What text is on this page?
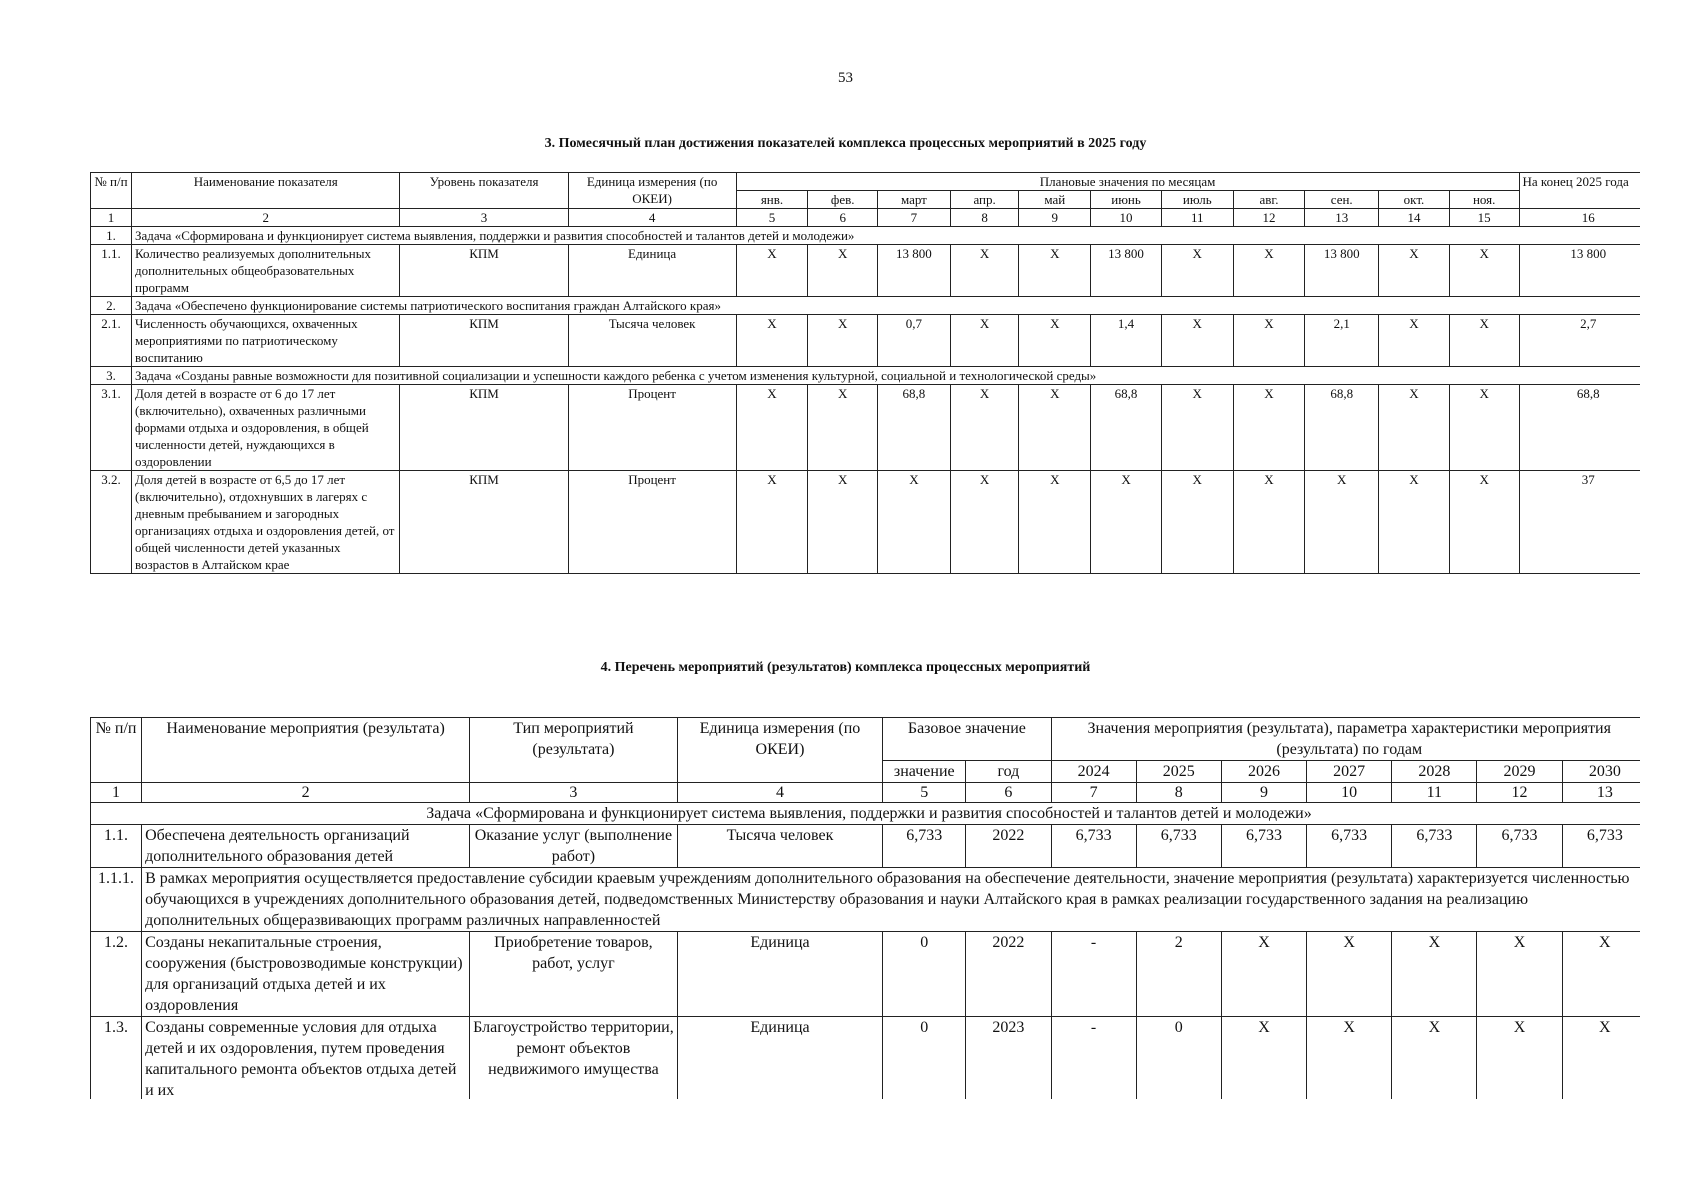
53
3. Помесячный план достижения показателей комплекса процессных мероприятий в 2025 году
№ п/п	Наименование показателя	Уровень показателя	Единица измерения (по ОКЕИ)	Плановые значения по месяцам											На конец 2025 года
				янв.	фев.	март	апр.	май	июнь	июль	авг.	сен.	окт.	ноя.	
1	2	3	4	5	6	7	8	9	10	11	12	13	14	15	16
1.	Задача «Сформирована и функционирует система выявления, поддержки и развития способностей и талантов детей и молодежи»														
1.1.	Количество реализуемых дополнительных дополнительных общеобразовательных программ	КПМ	Единица	X	X	13 800	X	X	13 800	X	X	13 800	X	X	13 800
2.	Задача «Обеспечено функционирование системы патриотического воспитания граждан Алтайского края»														
2.1.	Численность обучающихся, охваченных мероприятиями по патриотическому воспитанию	КПМ	Тысяча человек	X	X	0,7	X	X	1,4	X	X	2,1	X	X	2,7
3.	Задача «Созданы равные возможности для позитивной социализации и успешности каждого ребенка с учетом изменения культурной, социальной и технологической среды»														
3.1.	Доля детей в возрасте от 6 до 17 лет (включительно), охваченных различными формами отдыха и оздоровления, в общей численности детей, нуждающихся в оздоровлении	КПМ	Процент	X	X	68,8	X	X	68,8	X	X	68,8	X	X	68,8
3.2.	Доля детей в возрасте от 6,5 до 17 лет (включительно), отдохнувших в лагерях с дневным пребыванием и загородных организациях отдыха и оздоровления детей, от общей численности детей указанных возрастов в Алтайском крае	КПМ	Процент	X	X	X	X	X	X	X	X	X	X	X	37
4. Перечень мероприятий (результатов) комплекса процессных мероприятий
№ п/п	Наименование мероприятия (результата)	Тип мероприятий (результата)	Единица измерения (по ОКЕИ)	Базовое значение		Значения мероприятия (результата), параметра характеристики мероприятия (результата) по годам						
				значение	год	2024	2025	2026	2027	2028	2029	2030
1	2	3	4	5	6	7	8	9	10	11	12	13
Задача «Сформирована и функционирует система выявления, поддержки и развития способностей и талантов детей и молодежи»												
1.1.	Обеспечена деятельность организаций дополнительного образования детей	Оказание услуг (выполнение работ)	Тысяча человек	6,733	2022	6,733	6,733	6,733	6,733	6,733	6,733	6,733
1.1.1.	В рамках мероприятия осуществляется предоставление субсидии краевым учреждениям дополнительного образования на обеспечение деятельности, значение мероприятия (результата) характеризуется численностью обучающихся в учреждениях дополнительного образования детей, подведомственных Министерству образования и науки Алтайского края в рамках реализации государственного задания на реализацию дополнительных общеразвивающих программ различных направленностей											
1.2.	Созданы некапитальные строения, сооружения (быстровозводимые конструкции) для организаций отдыха детей и их оздоровления	Приобретение товаров, работ, услуг	Единица	0	2022	-	2	X	X	X	X	X
1.3.	Созданы современные условия для отдыха детей и их оздоровления, путем проведения капитального ремонта объектов отдыха детей и их	Благоустройство территории, ремонт объектов недвижимого имущества	Единица	0	2023	-	0	X	X	X	X	X
